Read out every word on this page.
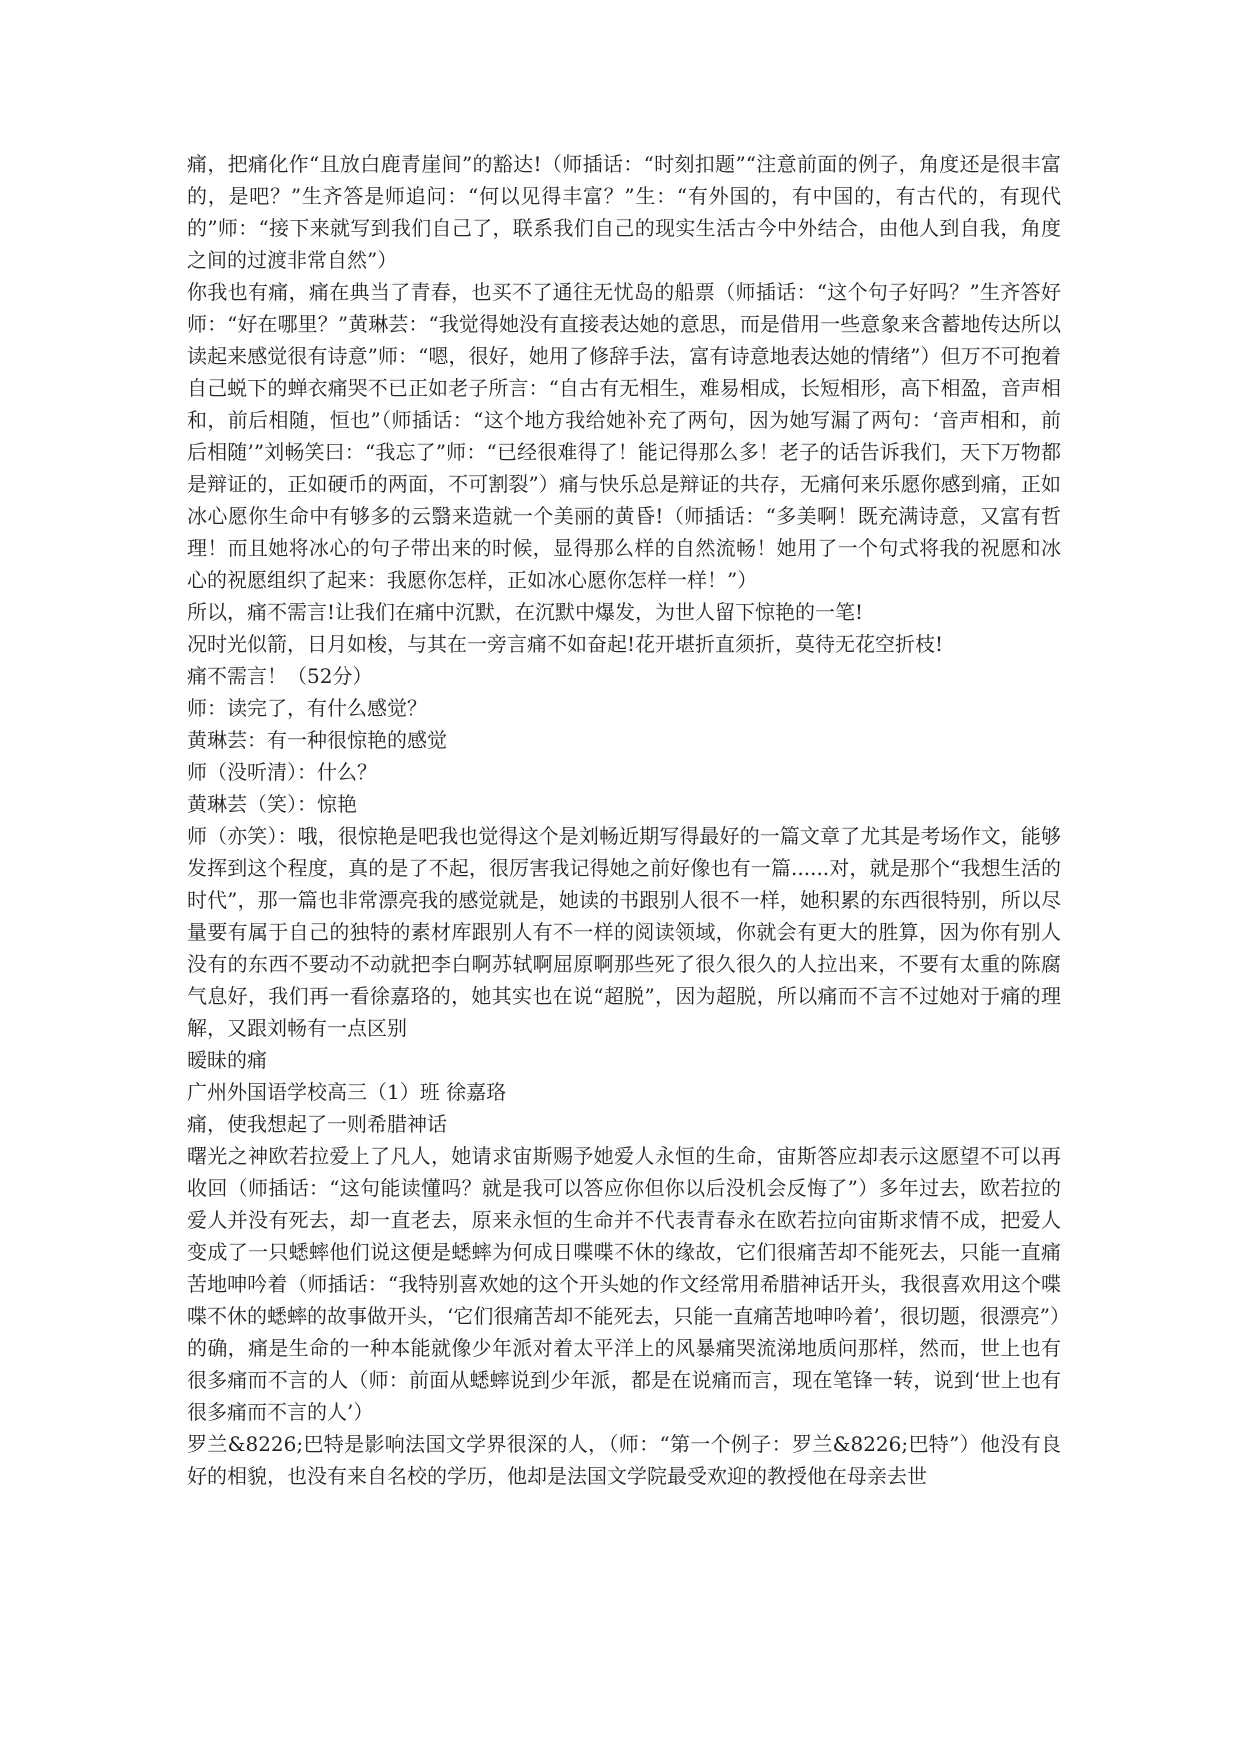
痛，把痛化作“且放白鹿青崖间”的豁达!（师插话：“时刻扣题”“注意前面的例子，角度还是很丰富的，是吧？”生齐答是师追问：“何以见得丰富？”生：“有外国的，有中国的，有古代的，有现代的”师：“接下来就写到我们自己了，联系我们自己的现实生活古今中外结合，由他人到自我，角度之间的过渡非常自然”）

你我也有痛，痛在典当了青春，也买不了通往无忧岛的船票（师插话：“这个句子好吗？”生齐答好师：“好在哪里？”黄琳芸：“我觉得她没有直接表达她的意思，而是借用一些意象来含蓄地传达所以读起来感觉很有诗意”师：“嗯，很好，她用了修辞手法，富有诗意地表达她的情绪”）但万不可抱着自己蜕下的蝉衣痛哭不已正如老子所言：“自古有无相生，难易相成，长短相形，高下相盈，音声相和，前后相随，恒也”（师插话：“这个地方我给她补充了两句，因为她写漏了两句：‘音声相和，前后相随’”刘畅笑曰：“我忘了”师：“已经很难得了！能记得那么多！老子的话告诉我们，天下万物都是辩证的，正如硬币的两面，不可割裂”）痛与快乐总是辩证的共存，无痛何来乐愿你感到痛，正如冰心愿你生命中有够多的云翳来造就一个美丽的黄昏!（师插话：“多美啊！既充满诗意，又富有哲理！而且她将冰心的句子带出来的时候，显得那么样的自然流畅！她用了一个句式将我的祝愿和冰心的祝愿组织了起来：我愿你怎样，正如冰心愿你怎样一样！”）

所以，痛不需言!让我们在痛中沉默，在沉默中爆发，为世人留下惊艳的一笔!

况时光似箭，日月如梭，与其在一旁言痛不如奋起!花开堪折直须折，莫待无花空折枝!

痛不需言！（52分）

师：读完了，有什么感觉？

黄琳芸：有一种很惊艳的感觉

师（没听清）：什么？

黄琳芸（笑）：惊艳

师（亦笑）：哦，很惊艳是吧我也觉得这个是刘畅近期写得最好的一篇文章了尤其是考场作文，能够发挥到这个程度，真的是了不起，很厉害我记得她之前好像也有一篇......对，就是那个“我想生活的时代”，那一篇也非常漂亮我的感觉就是，她读的书跟别人很不一样，她积累的东西很特别，所以尽量要有属于自己的独特的素材库跟别人有不一样的阅读领域，你就会有更大的胜算，因为你有别人没有的东西不要动不动就把李白啊苏轼啊屈原啊那些死了很久很久的人拉出来，不要有太重的陈腐气息好，我们再一看徐嘉珞的，她其实也在说“超脱”，因为超脱，所以痛而不言不过她对于痛的理解，又跟刘畅有一点区别

暧昧的痛

广州外国语学校高三（1）班 徐嘉珞

痛，使我想起了一则希腊神话

曙光之神欧若拉爱上了凡人，她请求宙斯赐予她爱人永恒的生命，宙斯答应却表示这愿望不可以再收回（师插话：“这句能读懂吗？就是我可以答应你但你以后没机会反悔了”）多年过去，欧若拉的爱人并没有死去，却一直老去，原来永恒的生命并不代表青春永在欧若拉向宙斯求情不成，把爱人变成了一只蟋蟀他们说这便是蟋蟀为何成日喋喋不休的缘故，它们很痛苦却不能死去，只能一直痛苦地呻吟着（师插话：“我特别喜欢她的这个开头她的作文经常用希腊神话开头，我很喜欢用这个喋喋不休的蟋蟀的故事做开头，‘它们很痛苦却不能死去，只能一直痛苦地呻吟着’，很切题，很漂亮”）

的确，痛是生命的一种本能就像少年派对着太平洋上的风暴痛哭流涕地质问那样，然而，世上也有很多痛而不言的人（师：前面从蟋蟀说到少年派，都是在说痛而言，现在笔锋一转，说到‘世上也有很多痛而不言的人’）

罗兰&8226;巴特是影响法国文学界很深的人，（师：“第一个例子：罗兰&8226;巴特”）他没有良好的相貌，也没有来自名校的学历，他却是法国文学院最受欢迎的教授他在母亲去世
